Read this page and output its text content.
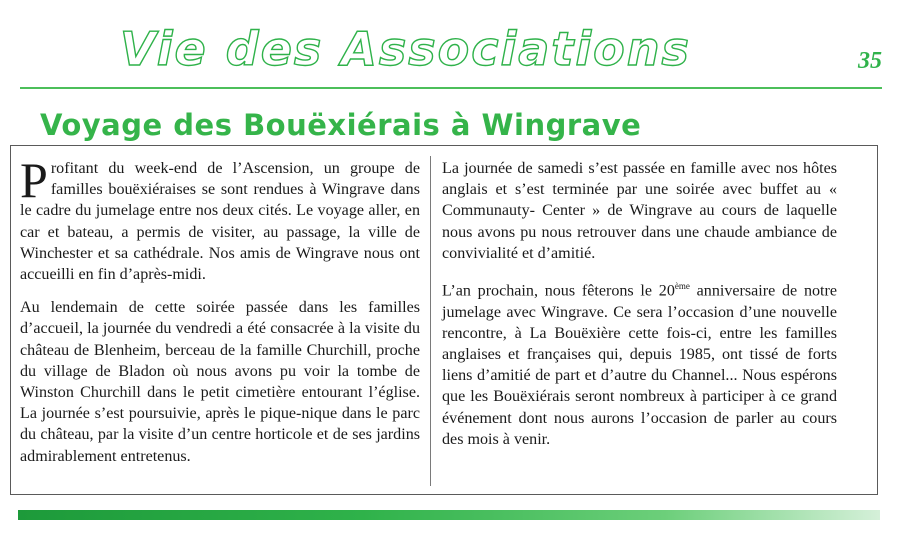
Vie des Associations	35
Voyage des Bouëxiérais à Wingrave

Profitant du week-end de l’Ascension, un groupe de familles bouëxiéraises se sont rendues à Wingrave dans le cadre du jumelage entre nos deux cités. Le voyage aller, en car et bateau, a permis de visiter, au passage, la ville de Winchester et sa cathédrale. Nos amis de Wingrave nous ont accueilli en fin d’après-midi.

Au lendemain de cette soirée passée dans les familles d’accueil, la journée du vendredi a été consacrée à la visite du château de Blenheim, berceau de la famille Churchill, proche du village de Bladon où nous avons pu voir la tombe de Winston Churchill dans le petit cimetière entourant l’église. La journée s’est poursuivie, après le pique-nique dans le parc du château, par la visite d’un centre horticole et de ses jardins admirablement entretenus.

La journée de samedi s’est passée en famille avec nos hôtes anglais et s’est terminée par une soirée avec buffet au « Communauty- Center » de Wingrave au cours de laquelle nous avons pu nous retrouver dans une chaude ambiance de convivialité et d’amitié.

L’an prochain, nous fêterons le 20ème anniversaire de notre jumelage avec Wingrave. Ce sera l’occasion d’une nouvelle rencontre, à La Bouëxière cette fois-ci, entre les familles anglaises et françaises qui, depuis 1985, ont tissé de forts liens d’amitié de part et d’autre du Channel... Nous espérons que les Bouëxiérais seront nombreux à participer à ce grand événement dont nous aurons l’occasion de parler au cours des mois à venir.
